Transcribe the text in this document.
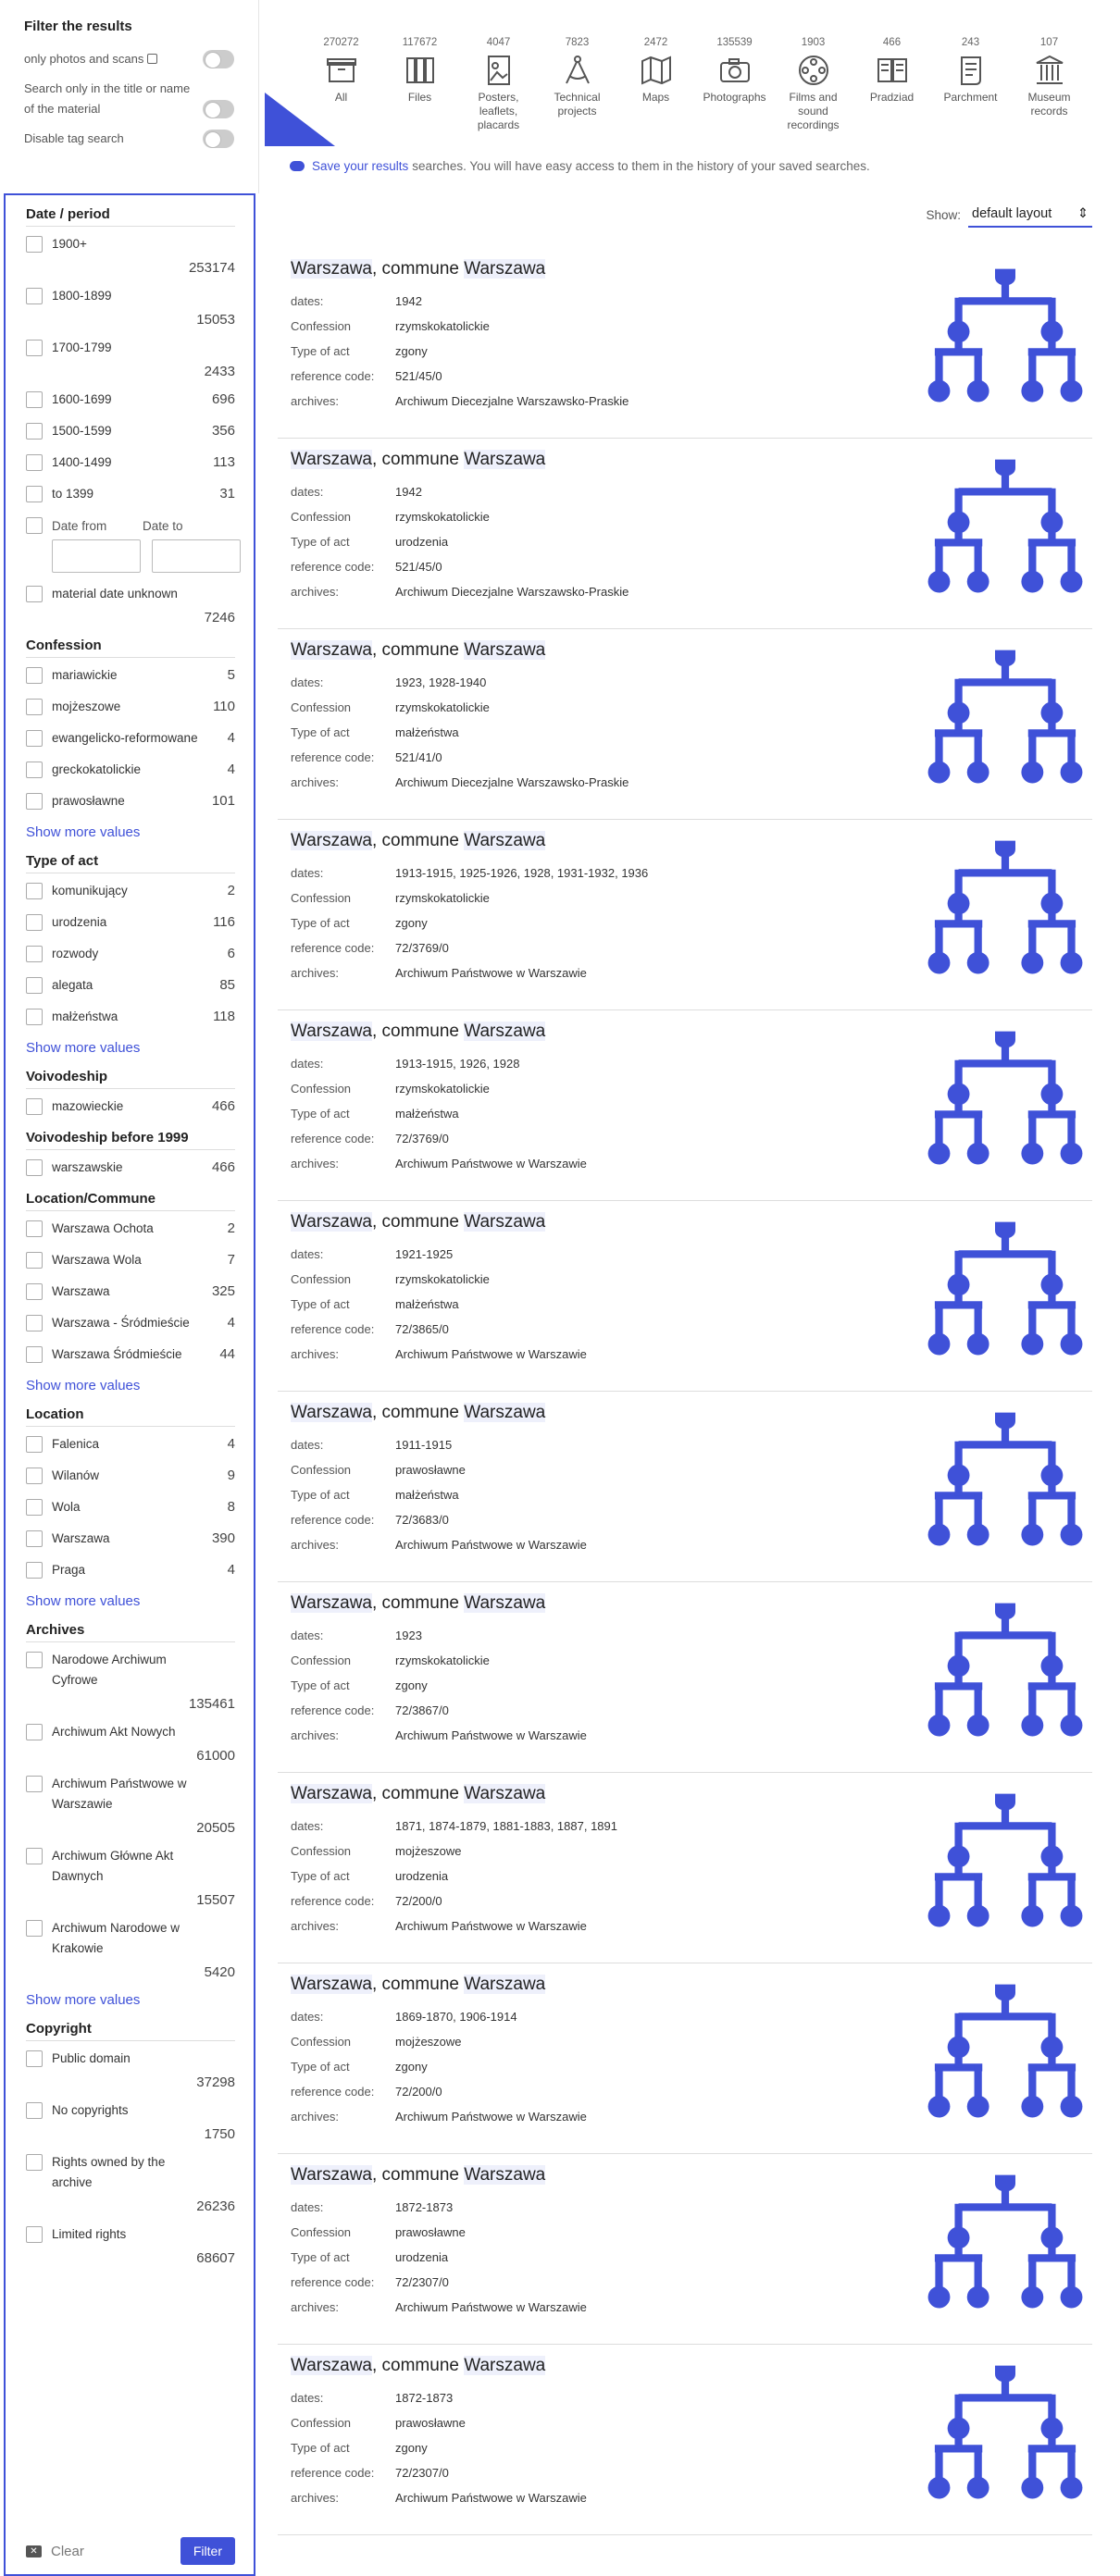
Filter the results
only photos and scans
Search only in the title or name of the material
Disable tag search
Date / period
1900+
253174
1800-1899
15053
1700-1799
2433
1600-1699	696
1500-1599	356
1400-1499	113
to 1399	31
Date from	Date to
material date unknown
7246
Confession
mariawickie	5
mojżeszowe	110
ewangelicko-reformowane	4
greckokatolickie	4
prawosławne	101
Show more values
Type of act
komunikujący	2
urodzenia	116
rozwody	6
alegata	85
małżeństwa	118
Show more values
Voivodeship
mazowieckie	466
Voivodeship before 1999
warszawskie	466
Location/Commune
Warszawa Ochota	2
Warszawa Wola	7
Warszawa	325
Warszawa - Śródmieście	4
Warszawa Śródmieście	44
Show more values
Location
Falenica	4
Wilanów	9
Wola	8
Warszawa	390
Praga	4
Show more values
Archives
Narodowe Archiwum Cyfrowe
135461
Archiwum Akt Nowych
61000
Archiwum Państwowe w Warszawie
20505
Archiwum Główne Akt Dawnych
15507
Archiwum Narodowe w Krakowie
5420
Show more values
Copyright
Public domain
37298
No copyrights
1750
Rights owned by the archive
26236
Limited rights
68607
✕ Clear	Filter
270272
All
117672
Files
4047
Posters, leaflets, placards
7823
Technical projects
2472
Maps
135539
Photographs
1903
Films and sound recordings
466
Pradziad
243
Parchment
107
Museum records
Save your results searches. You will have easy access to them in the history of your saved searches.
Show: default layout ⇕
Warszawa, commune Warszawa
dates:	1942
Confession	rzymskokatolickie
Type of act	zgony
reference code:	521/45/0
archives:	Archiwum Diecezjalne Warszawsko-Praskie
Warszawa, commune Warszawa
dates:	1942
Confession	rzymskokatolickie
Type of act	urodzenia
reference code:	521/45/0
archives:	Archiwum Diecezjalne Warszawsko-Praskie
Warszawa, commune Warszawa
dates:	1923, 1928-1940
Confession	rzymskokatolickie
Type of act	małżeństwa
reference code:	521/41/0
archives:	Archiwum Diecezjalne Warszawsko-Praskie
Warszawa, commune Warszawa
dates:	1913-1915, 1925-1926, 1928, 1931-1932, 1936
Confession	rzymskokatolickie
Type of act	zgony
reference code:	72/3769/0
archives:	Archiwum Państwowe w Warszawie
Warszawa, commune Warszawa
dates:	1913-1915, 1926, 1928
Confession	rzymskokatolickie
Type of act	małżeństwa
reference code:	72/3769/0
archives:	Archiwum Państwowe w Warszawie
Warszawa, commune Warszawa
dates:	1921-1925
Confession	rzymskokatolickie
Type of act	małżeństwa
reference code:	72/3865/0
archives:	Archiwum Państwowe w Warszawie
Warszawa, commune Warszawa
dates:	1911-1915
Confession	prawosławne
Type of act	małżeństwa
reference code:	72/3683/0
archives:	Archiwum Państwowe w Warszawie
Warszawa, commune Warszawa
dates:	1923
Confession	rzymskokatolickie
Type of act	zgony
reference code:	72/3867/0
archives:	Archiwum Państwowe w Warszawie
Warszawa, commune Warszawa
dates:	1871, 1874-1879, 1881-1883, 1887, 1891
Confession	mojżeszowe
Type of act	urodzenia
reference code:	72/200/0
archives:	Archiwum Państwowe w Warszawie
Warszawa, commune Warszawa
dates:	1869-1870, 1906-1914
Confession	mojżeszowe
Type of act	zgony
reference code:	72/200/0
archives:	Archiwum Państwowe w Warszawie
Warszawa, commune Warszawa
dates:	1872-1873
Confession	prawosławne
Type of act	urodzenia
reference code:	72/2307/0
archives:	Archiwum Państwowe w Warszawie
Warszawa, commune Warszawa
dates:	1872-1873
Confession	prawosławne
Type of act	zgony
reference code:	72/2307/0
archives:	Archiwum Państwowe w Warszawie
